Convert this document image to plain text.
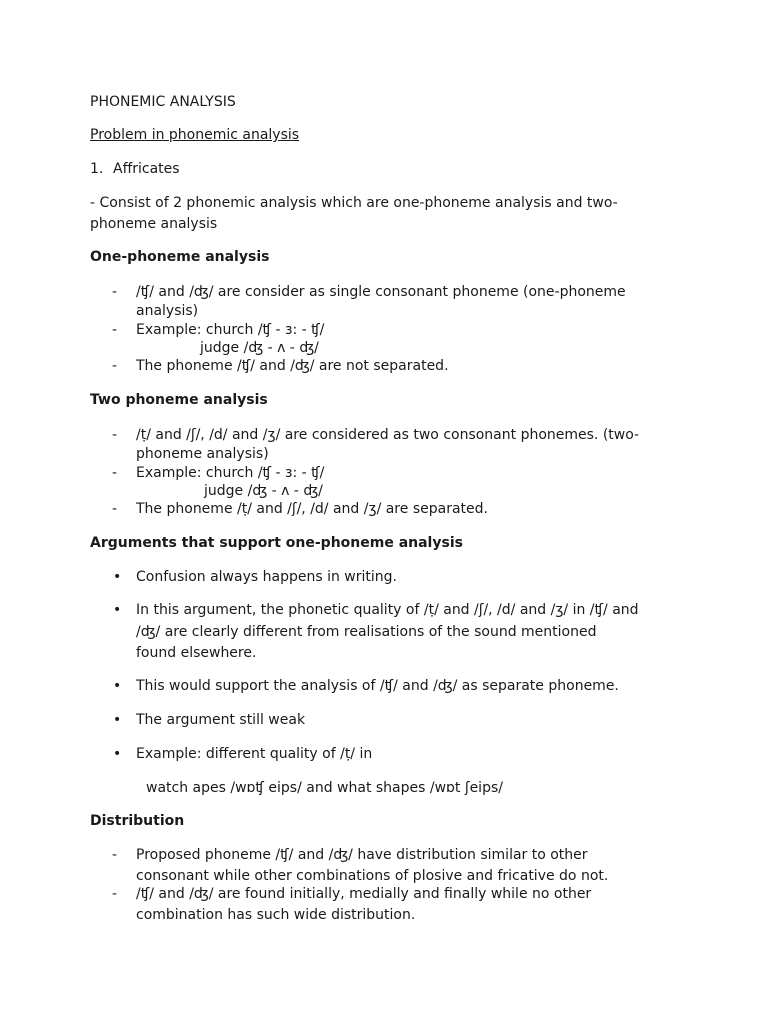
PHONEMIC ANALYSIS
Problem in phonemic analysis
1. Affricates
- Consist of 2 phonemic analysis which are one-phoneme analysis and two-
phoneme analysis
One-phoneme analysis
-	/ʧ/ and /ʤ/ are consider as single consonant phoneme (one-phoneme
analysis)
-	Example: church /ʧ - ɜ: - ʧ/
judge /ʤ - ʌ - ʤ/
-	The phoneme /ʧ/ and /ʤ/ are not separated.
Two phoneme analysis
-	/ṭ/ and /ʃ/, /d/ and /ʒ/ are considered as two consonant phonemes. (two-
phoneme analysis)
-	Example: church /ʧ - ɜ: - ʧ/
judge /ʤ - ʌ - ʤ/
-	The phoneme /ṭ/ and /ʃ/, /d/ and /ʒ/ are separated.
Arguments that support one-phoneme analysis
•	Confusion always happens in writing.
•	In this argument, the phonetic quality of /ṭ/ and /ʃ/, /d/ and /ʒ/ in /ʧ/ and
/ʤ/ are clearly different from realisations of the sound mentioned
found elsewhere.
•	This would support the analysis of /ʧ/ and /ʤ/ as separate phoneme.
•	The argument still weak
•	Example: different quality of /ṭ/ in
watch apes /wɒʧ eips/ and what shapes /wɒt ʃeips/
Distribution
-	Proposed phoneme /ʧ/ and /ʤ/ have distribution similar to other
consonant while other combinations of plosive and fricative do not.
-	/ʧ/ and /ʤ/ are found initially, medially and finally while no other
combination has such wide distribution.
